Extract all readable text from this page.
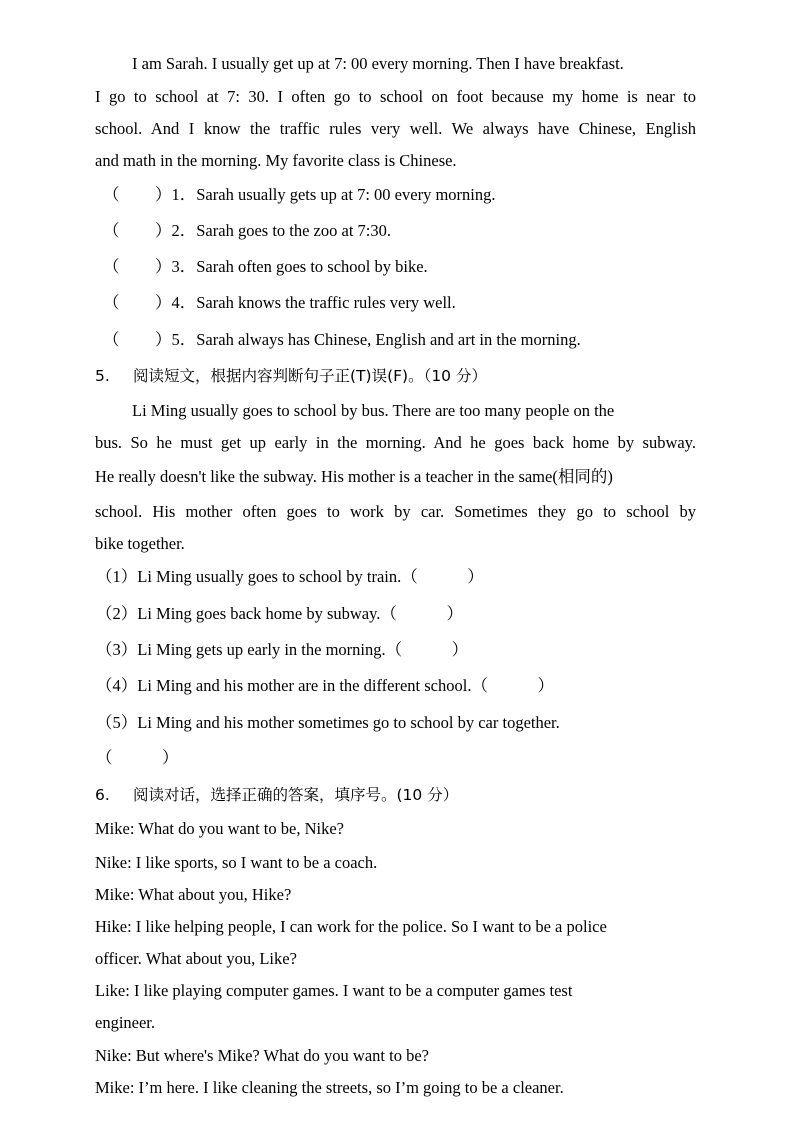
I am Sarah. I usually get up at 7: 00 every morning. Then I have breakfast.
I go to school at 7: 30. I often go to school on foot because my home is near to
school. And I know the traffic rules very well. We always have Chinese, English
and math in the morning. My favorite class is Chinese.
（ ）1．Sarah usually gets up at 7: 00 every morning.
（ ）2．Sarah goes to the zoo at 7:30.
（ ）3．Sarah often goes to school by bike.
（ ）4．Sarah knows the traffic rules very well.
（ ）5．Sarah always has Chinese, English and art in the morning.
5. 阅读短文，根据内容判断句子正(T)误(F)。（10 分）
Li Ming usually goes to school by bus. There are too many people on the
bus. So he must get up early in the morning. And he goes back home by subway.
He really doesn't like the subway. His mother is a teacher in the same(相同的)
school. His mother often goes to work by car. Sometimes they go to school by
bike together.
（1）Li Ming usually goes to school by train.（　　　）
（2）Li Ming goes back home by subway.（　　　）
（3）Li Ming gets up early in the morning.（　　　）
（4）Li Ming and his mother are in the different school.（　　　）
（5）Li Ming and his mother sometimes go to school by car together.
（　　　）
6. 阅读对话，选择正确的答案，填序号。(10 分）
Mike: What do you want to be, Nike?
Nike: I like sports, so I want to be a coach.
Mike: What about you, Hike?
Hike: I like helping people, I can work for the police. So I want to be a police
officer. What about you, Like?
Like: I like playing computer games. I want to be a computer games test
engineer.
Nike: But where's Mike? What do you want to be?
Mike: I’m here. I like cleaning the streets, so I’m going to be a cleaner.
